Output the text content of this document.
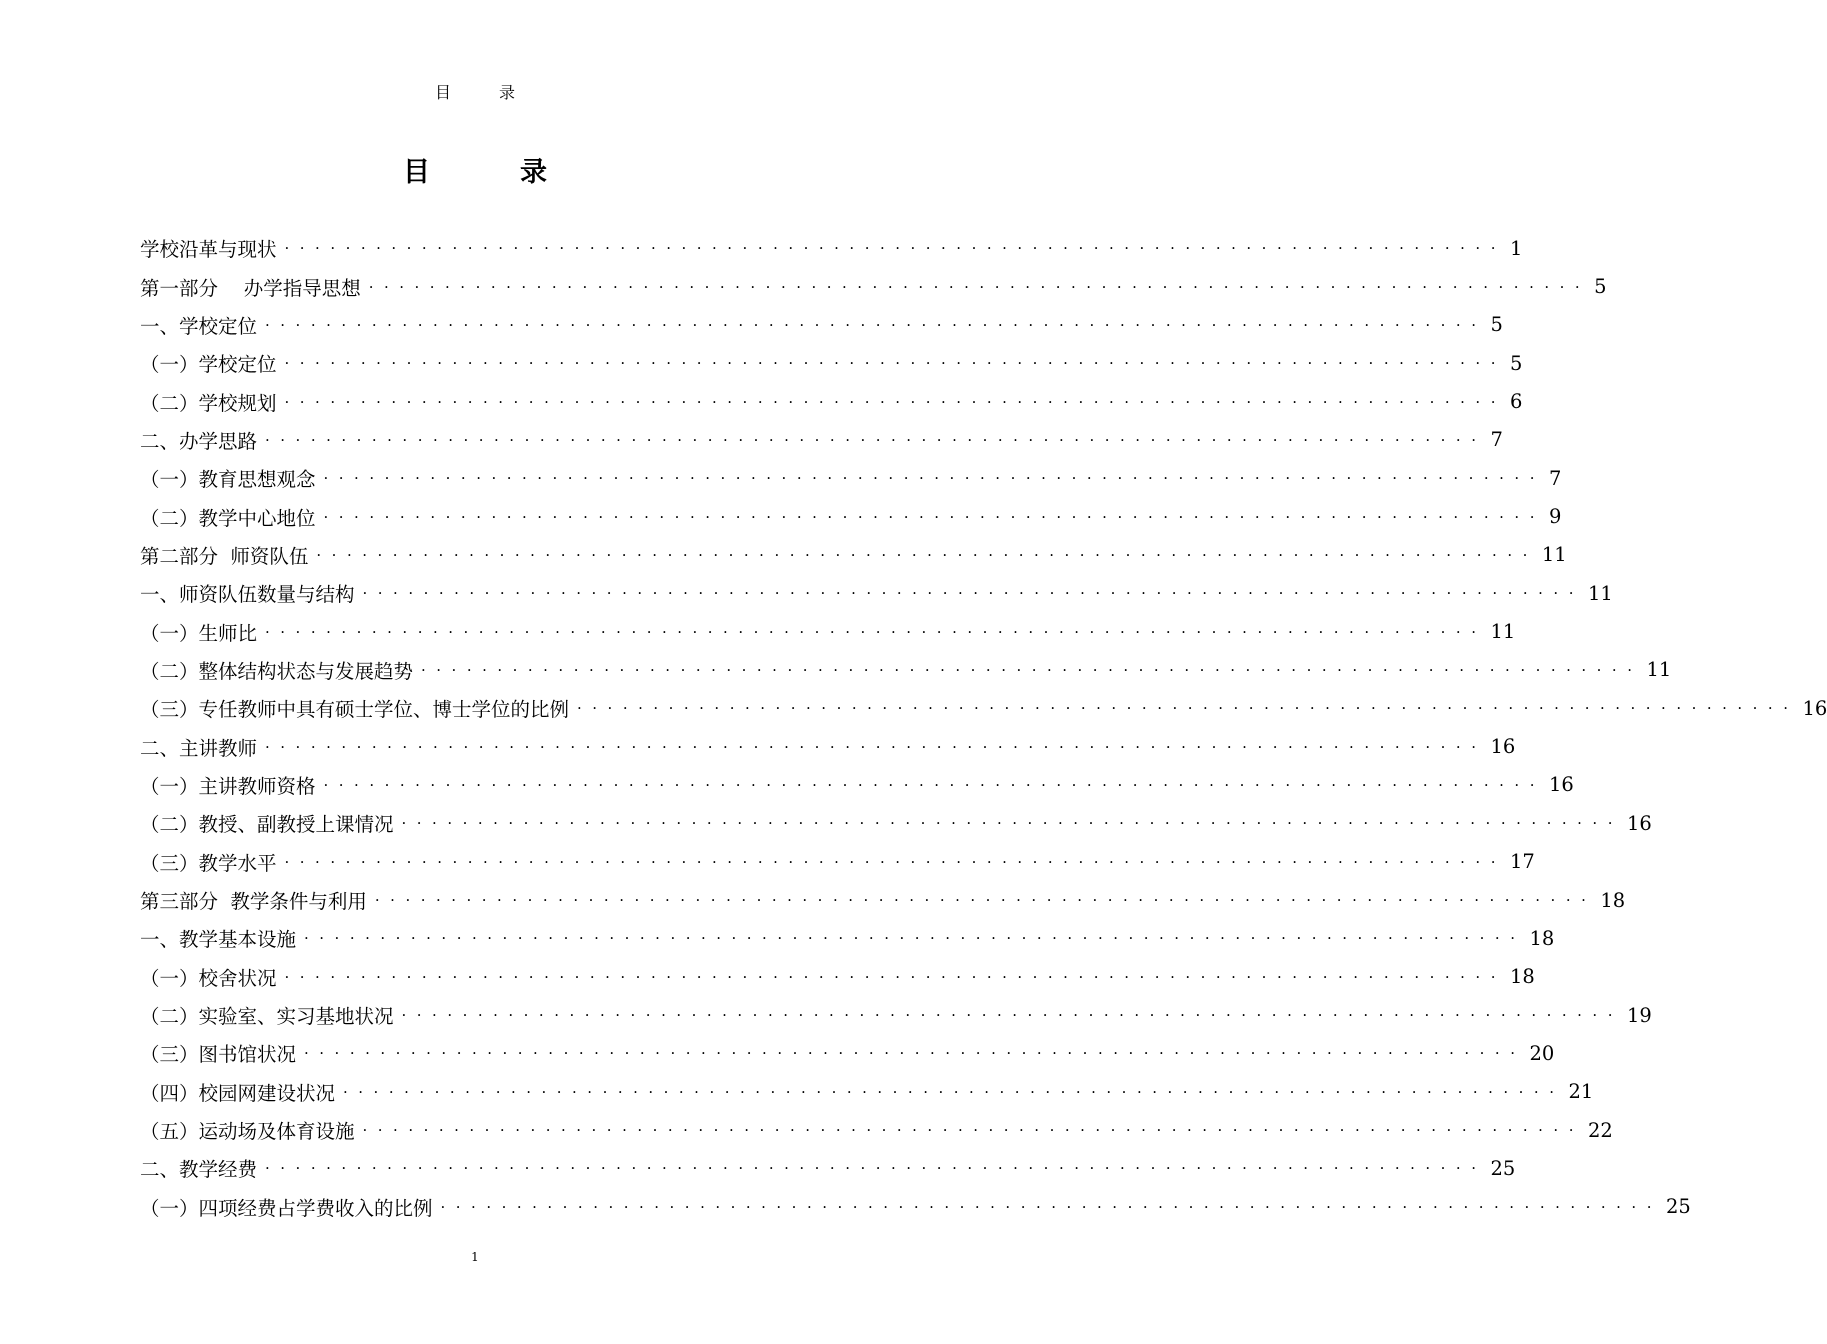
目	录
目	录
学校沿革与现状 ················································································ 1
第一部分　 办学指导思想 ················································································ 5
一、学校定位 ················································································ 5
（一）学校定位 ················································································ 5
（二）学校规划 ················································································ 6
二、办学思路 ················································································ 7
（一）教育思想观念 ················································································ 7
（二）教学中心地位 ················································································ 9
第二部分  师资队伍 ················································································ 11
一、师资队伍数量与结构 ················································································ 11
（一）生师比 ················································································ 11
（二）整体结构状态与发展趋势 ················································································ 11
（三）专任教师中具有硕士学位、博士学位的比例 ················································································ 16
二、主讲教师 ················································································ 16
（一）主讲教师资格 ················································································ 16
（二）教授、副教授上课情况 ················································································ 16
（三）教学水平 ················································································ 17
第三部分  教学条件与利用 ················································································ 18
一、教学基本设施 ················································································ 18
（一）校舍状况 ················································································ 18
（二）实验室、实习基地状况 ················································································ 19
（三）图书馆状况 ················································································ 20
（四）校园网建设状况 ················································································ 21
（五）运动场及体育设施 ················································································ 22
二、教学经费 ················································································ 25
（一）四项经费占学费收入的比例 ················································································ 25
1
